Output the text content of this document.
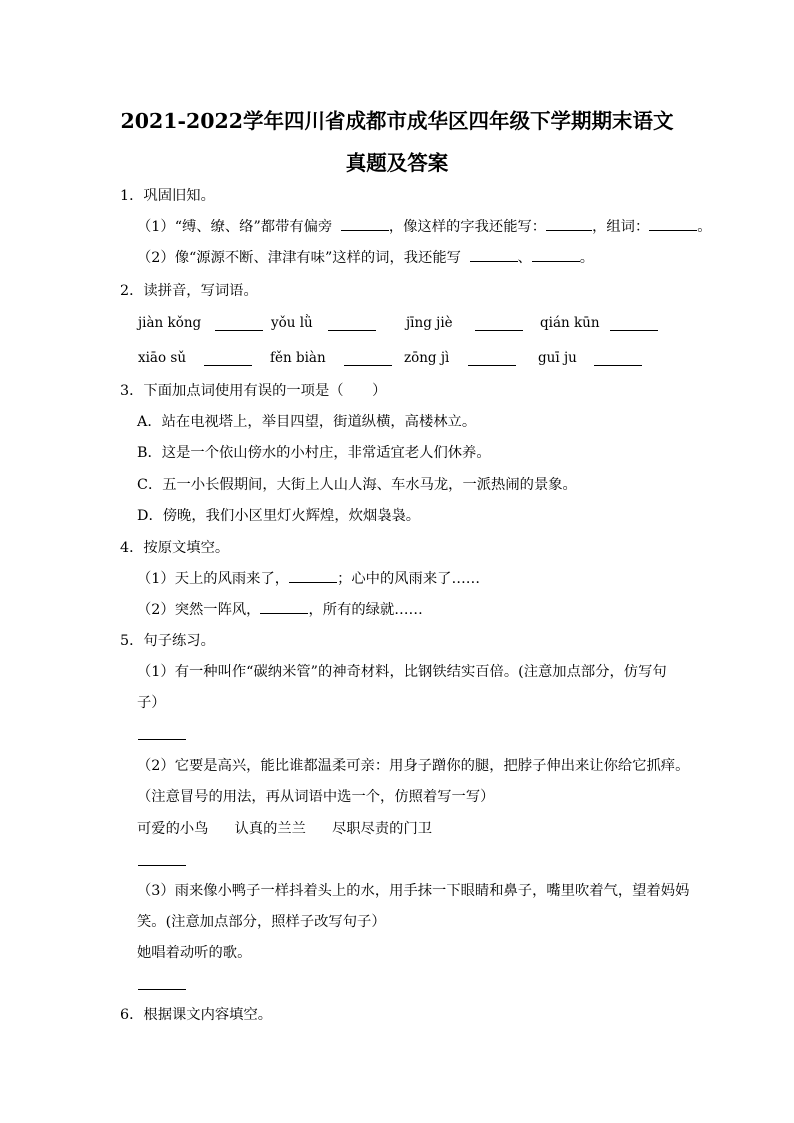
2021-2022学年四川省成都市成华区四年级下学期期末语文
真题及答案
1．巩固旧知。
（1）“缚、缭、络”都带有偏旁	，像这样的字我还能写：	，组词：	。
（2）像“源源不断、津津有味”这样的词，我还能写	、	。
2．读拼音，写词语。
jiàn kǒng	yǒu lǜ	jīng jiè	qián kūn
xiāo sǔ	fěn biàn	zōng jì	guī ju
3．下面加点词使用有误的一项是（　　）
A．站在电视塔上，举目四望，街道纵横，高楼林立。
B．这是一个依山傍水的小村庄，非常适宜老人们休养。
C．五一小长假期间，大街上人山人海、车水马龙，一派热闹的景象。
D．傍晚，我们小区里灯火辉煌，炊烟袅袅。
4．按原文填空。
（1）天上的风雨来了，	；心中的风雨来了……
（2）突然一阵风，	，所有的绿就……
5．句子练习。
（1）有一种叫作“碳纳米管”的神奇材料，比钢铁结实百倍。(注意加点部分，仿写句
子）
（2）它要是高兴，能比谁都温柔可亲：用身子蹭你的腿，把脖子伸出来让你给它抓痒。
（注意冒号的用法，再从词语中选一个，仿照着写一写）
可爱的小鸟 认真的兰兰 尽职尽责的门卫
（3）雨来像小鸭子一样抖着头上的水，用手抹一下眼睛和鼻子，嘴里吹着气，望着妈妈
笑。(注意加点部分，照样子改写句子）
她唱着动听的歌。
6．根据课文内容填空。
